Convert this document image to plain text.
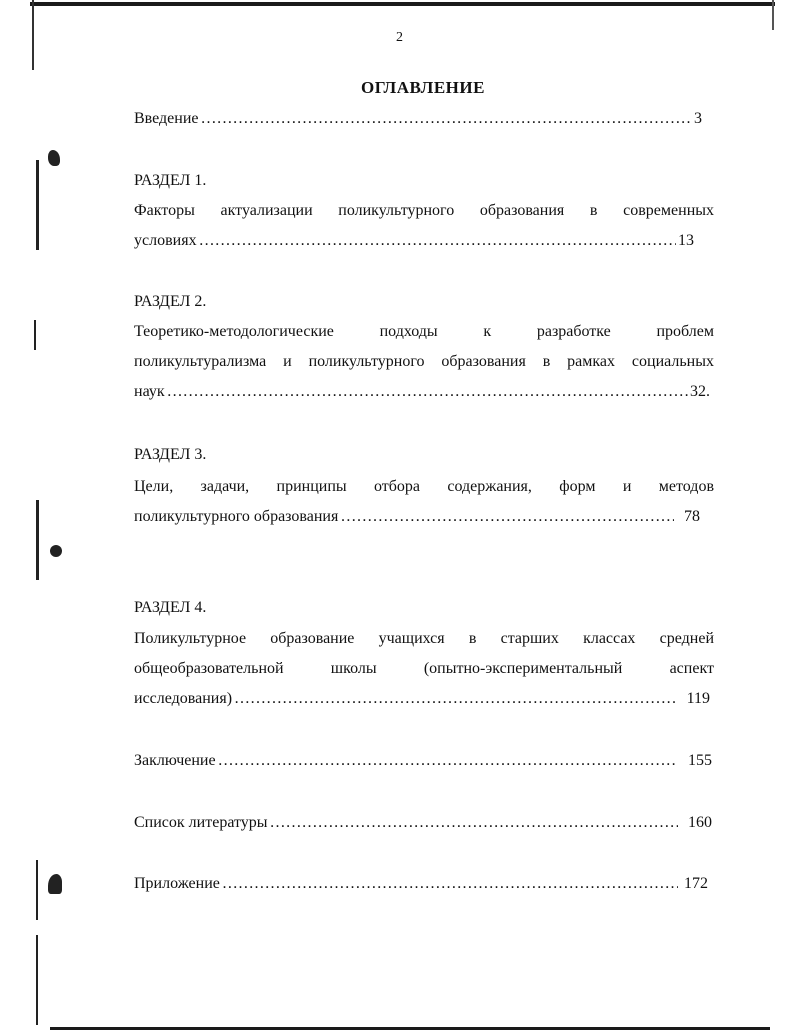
2
ОГЛАВЛЕНИЕ
Введение ……………………………………………………………………………………………………………………………………………………	3
РАЗДЕЛ 1.
Факторы актуализации поликультурного образования в современных
условиях ……………………………………………………………………………………………………………………………………………………	13
РАЗДЕЛ 2.
Теоретико-методологические подходы к разработке проблем
поликультурализма и поликультурного образования в рамках социальных
наук ……………………………………………………………………………………………………………………………………………………	32.
РАЗДЕЛ 3.
Цели, задачи, принципы отбора содержания, форм и методов
поликультурного образования ……………………………………………………………………………………………………………………………………………………	78
РАЗДЕЛ 4.
Поликультурное образование учащихся в старших классах средней
общеобразовательной школы (опытно-экспериментальный аспект
исследования) ……………………………………………………………………………………………………………………………………………………	119
Заключение ……………………………………………………………………………………………………………………………………………………	155
Список литературы ……………………………………………………………………………………………………………………………………………………	160
Приложение ……………………………………………………………………………………………………………………………………………………	172
